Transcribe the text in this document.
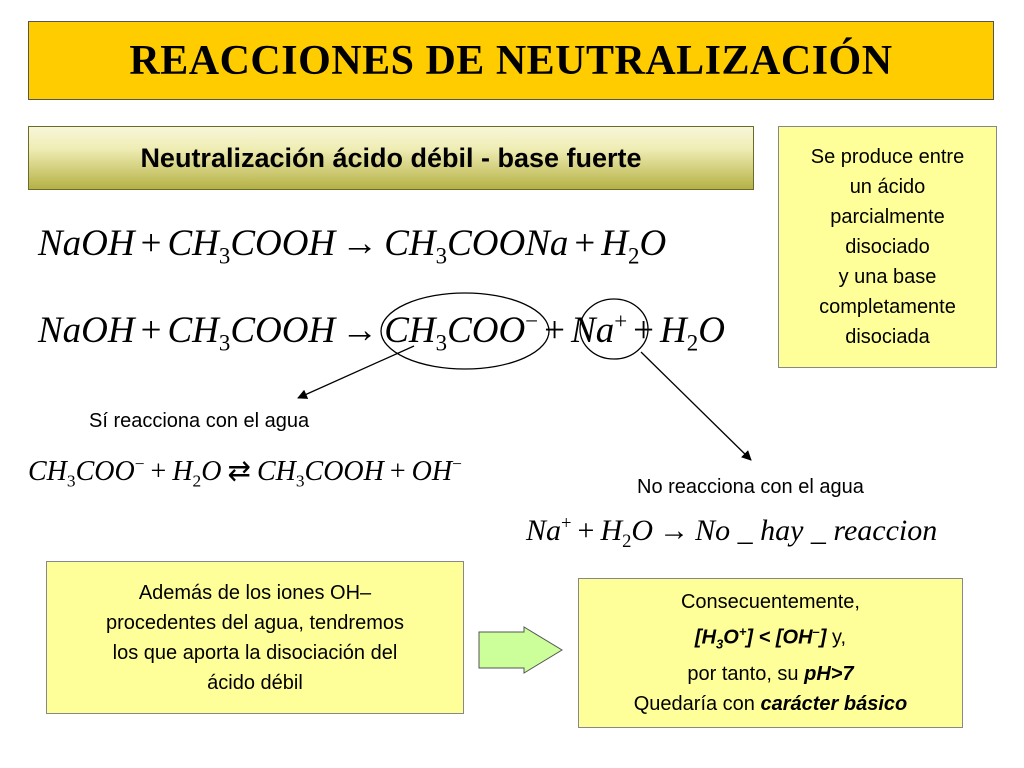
REACCIONES DE NEUTRALIZACIÓN
Neutralización ácido débil - base fuerte	Se produce entre
un ácido
parcialmente
disociado
y una base
completamente
disociada
NaOH + $CH_3COOH$ → $CH_3COONa + H_2O$
NaOH + $CH_3COOH \to CH_3COO^- + Na^+ + H_2O$
Sí reacciona con el agua
$CH_3COO^- + H_2O$ ⇄ $CH_3COOH + OH^-$
No reacciona con el agua
$Na^+ + H_2O \to No$ _ hay _ reaccion
Además de los iones OH–
procedentes del agua, tendremos
los que aporta la disociación del
ácido débil
Consecuentemente,
$[H_3O^+] < [OH^-]$ y,
por tanto, su pH>7
Quedaría con carácter básico
